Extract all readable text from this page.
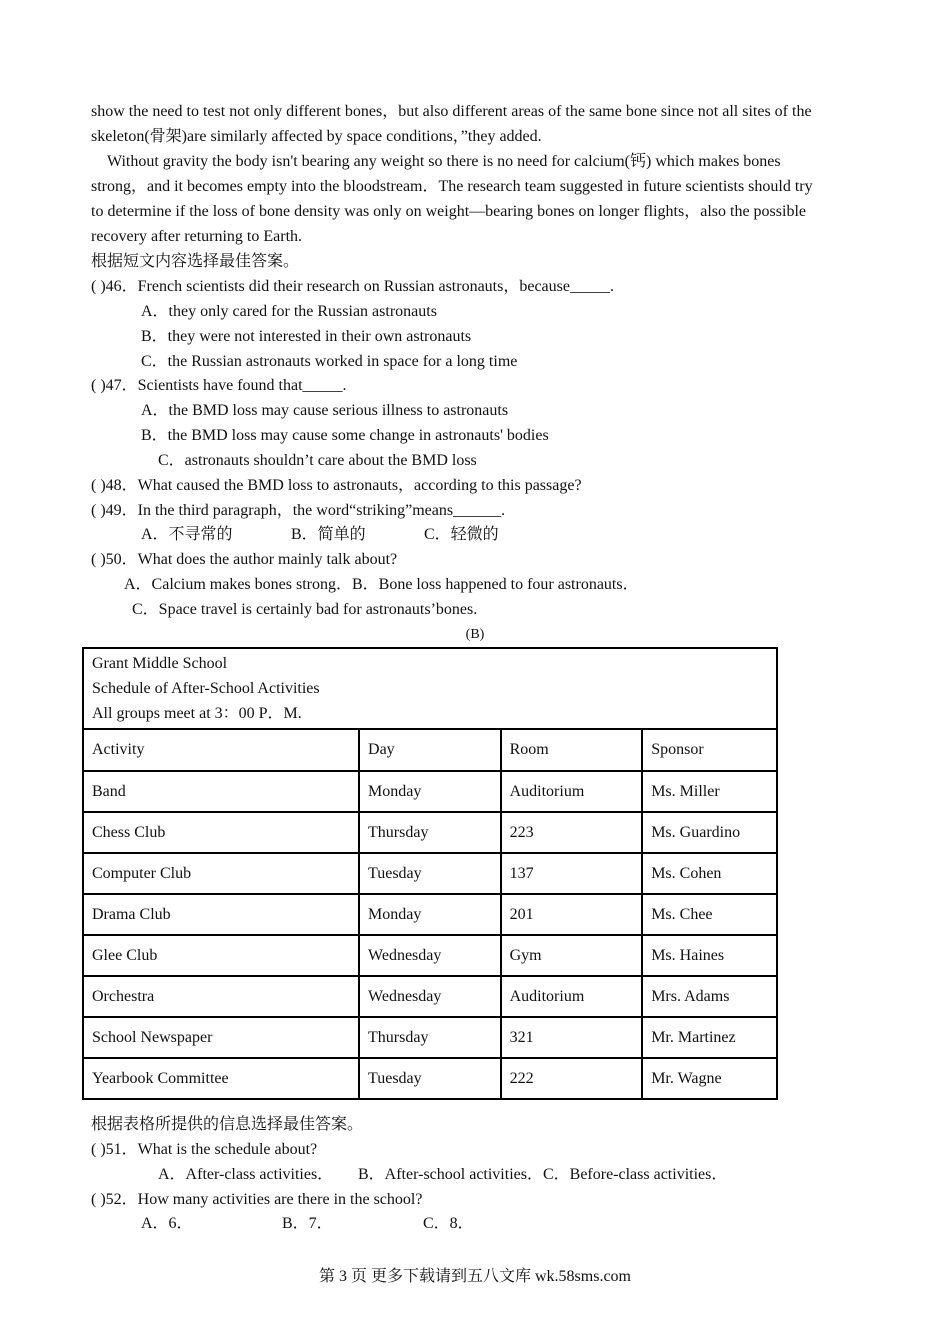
show the need to test not only different bones，but also different areas of the same bone since not all sites of the
skeleton(骨架)are similarly affected by space conditions，”they added.
Without gravity the body isn't bearing any weight so there is no need for calcium(钙) which makes bones
strong，and it becomes empty into the bloodstream．The research team suggested in future scientists should try
to determine if the loss of bone density was only on weight—bearing bones on longer flights，also the possible
recovery after returning to Earth.
根据短文内容选择最佳答案。
( )46．French scientists did their research on Russian astronauts，because_____.
A．they only cared for the Russian astronauts
B．they were not interested in their own astronauts
C．the Russian astronauts worked in space for a long time
( )47．Scientists have found that_____.
A．the BMD loss may cause serious illness to astronauts
B．the BMD loss may cause some change in astronauts' bodies
C．astronauts shouldn’t care about the BMD loss
( )48．What caused the BMD loss to astronauts，according to this passage?
( )49．In the third paragraph，the word“striking”means______.
A．不寻常的	B．简单的	C．轻微的
( )50．What does the author mainly talk about?
A．Calcium makes bones strong．B．Bone loss happened to four astronauts．
C．Space travel is certainly bad for astronauts’bones.
(B)
Grant Middle School
Schedule of After-School Activities
All groups meet at 3：00 P．M.			

Activity	Day	Room	Sponsor
Band	Monday	Auditorium	Ms. Miller
Chess Club	Thursday	223	Ms. Guardino
Computer Club	Tuesday	137	Ms. Cohen
Drama Club	Monday	201	Ms. Chee
Glee Club	Wednesday	Gym	Ms. Haines
Orchestra	Wednesday	Auditorium	Mrs. Adams
School Newspaper	Thursday	321	Mr. Martinez
Yearbook Committee	Tuesday	222	Mr. Wagne
根据表格所提供的信息选择最佳答案。
( )51．What is the schedule about?
A．After-class activities． B．After-school activities．C．Before-class activities．
( )52．How many activities are there in the school?
A．6．	B．7．	C．8．
第 3 页 更多下载请到五八文库 wk.58sms.com
